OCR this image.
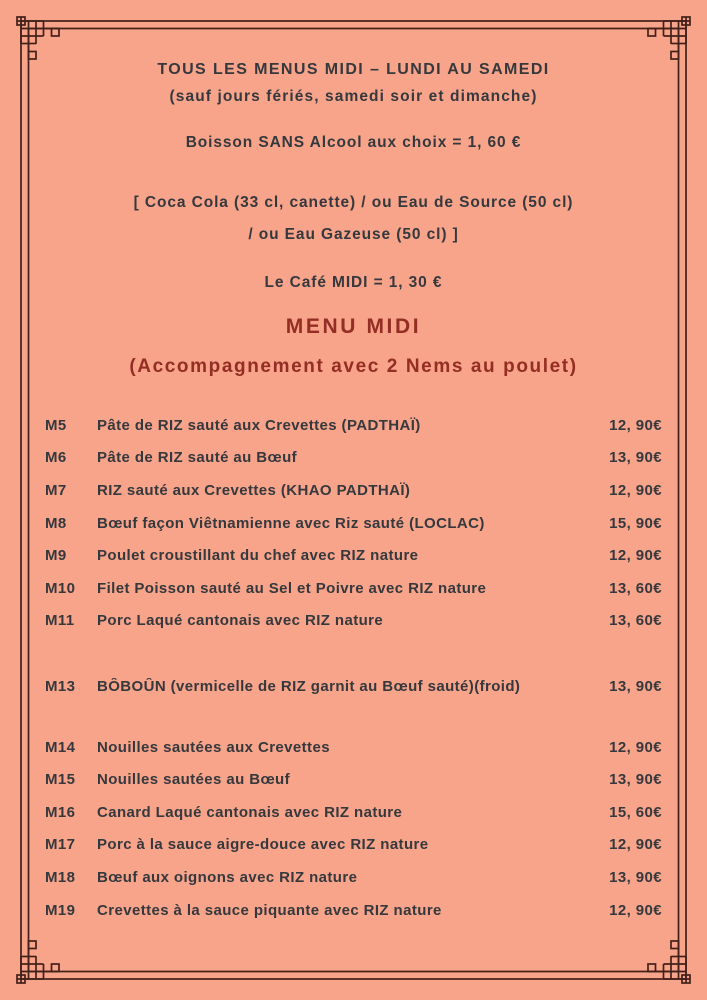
TOUS LES MENUS MIDI – LUNDI AU SAMEDI
(sauf jours fériés, samedi soir et dimanche)
Boisson SANS Alcool aux choix = 1, 60 €
[ Coca Cola (33 cl, canette) / ou Eau de Source (50 cl)
/ ou Eau Gazeuse (50 cl) ]
Le Café MIDI = 1, 30 €
MENU MIDI
(Accompagnement avec 2 Nems au poulet)
M5	Pâte de RIZ sauté aux Crevettes (PADTHAÏ)	12, 90€
M6	Pâte de RIZ sauté au Bœuf	13, 90€
M7	RIZ sauté aux Crevettes (KHAO PADTHAÏ)	12, 90€
M8	Bœuf façon Viêtnamienne avec Riz sauté (LOCLAC)	15, 90€
M9	Poulet croustillant du chef avec RIZ nature	12, 90€
M10	Filet Poisson sauté au Sel et Poivre avec RIZ nature	13, 60€
M11	Porc Laqué cantonais avec RIZ nature	13, 60€
M13	BÔBOÛN (vermicelle de RIZ garnit au Bœuf sauté)(froid)	13, 90€
M14	Nouilles sautées aux Crevettes	12, 90€
M15	Nouilles sautées au Bœuf	13, 90€
M16	Canard Laqué cantonais avec RIZ nature	15, 60€
M17	Porc à la sauce aigre-douce avec RIZ nature	12, 90€
M18	Bœuf aux oignons avec RIZ nature	13, 90€
M19	Crevettes à la sauce piquante avec RIZ nature	12, 90€
